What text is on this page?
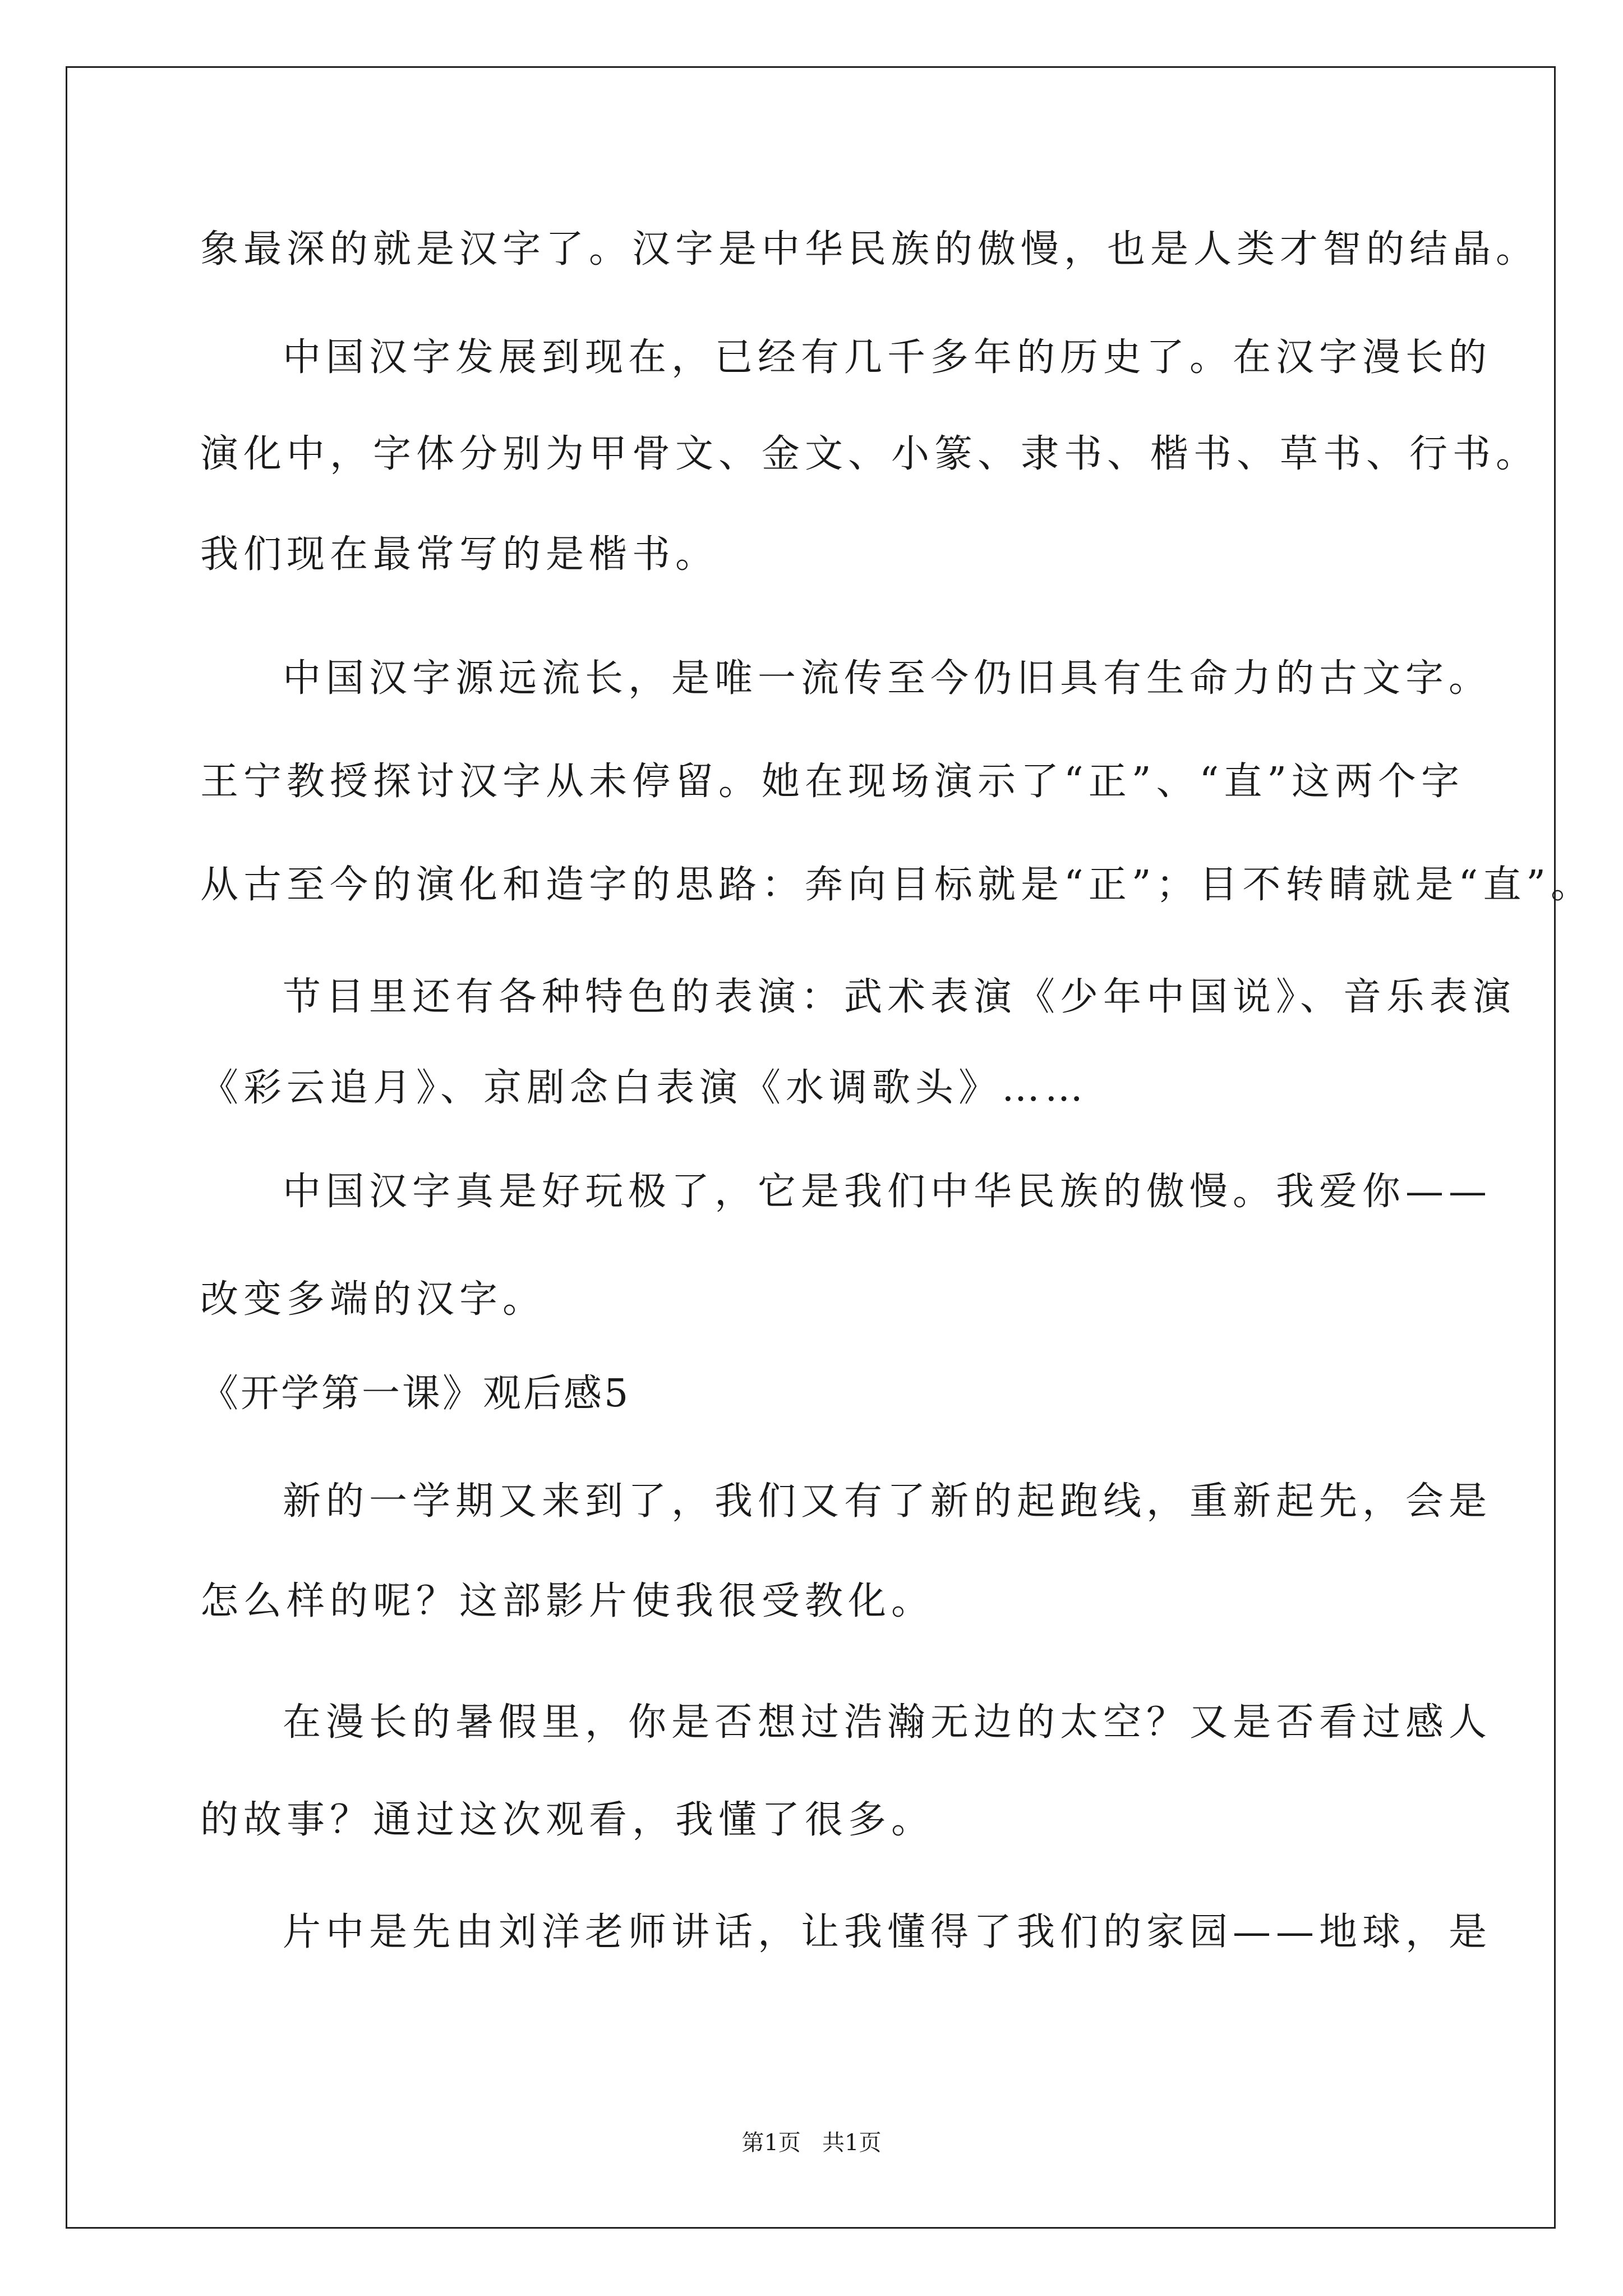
象最深的就是汉字了。汉字是中华民族的傲慢，也是人类才智的结晶。
中国汉字发展到现在，已经有几千多年的历史了。在汉字漫长的
演化中，字体分别为甲骨文、金文、小篆、隶书、楷书、草书、行书。
我们现在最常写的是楷书。
中国汉字源远流长，是唯一流传至今仍旧具有生命力的古文字。
王宁教授探讨汉字从未停留。她在现场演示了“正”、“直”这两个字
从古至今的演化和造字的思路：奔向目标就是“正”；目不转睛就是“直”。
节目里还有各种特色的表演：武术表演《少年中国说》、音乐表演
《彩云追月》、京剧念白表演《水调歌头》……
中国汉字真是好玩极了，它是我们中华民族的傲慢。我爱你——
改变多端的汉字。
《开学第一课》观后感5
新的一学期又来到了，我们又有了新的起跑线，重新起先，会是
怎么样的呢？这部影片使我很受教化。
在漫长的暑假里，你是否想过浩瀚无边的太空？又是否看过感人
的故事？通过这次观看，我懂了很多。
片中是先由刘洋老师讲话，让我懂得了我们的家园——地球，是
第1页   共1页
